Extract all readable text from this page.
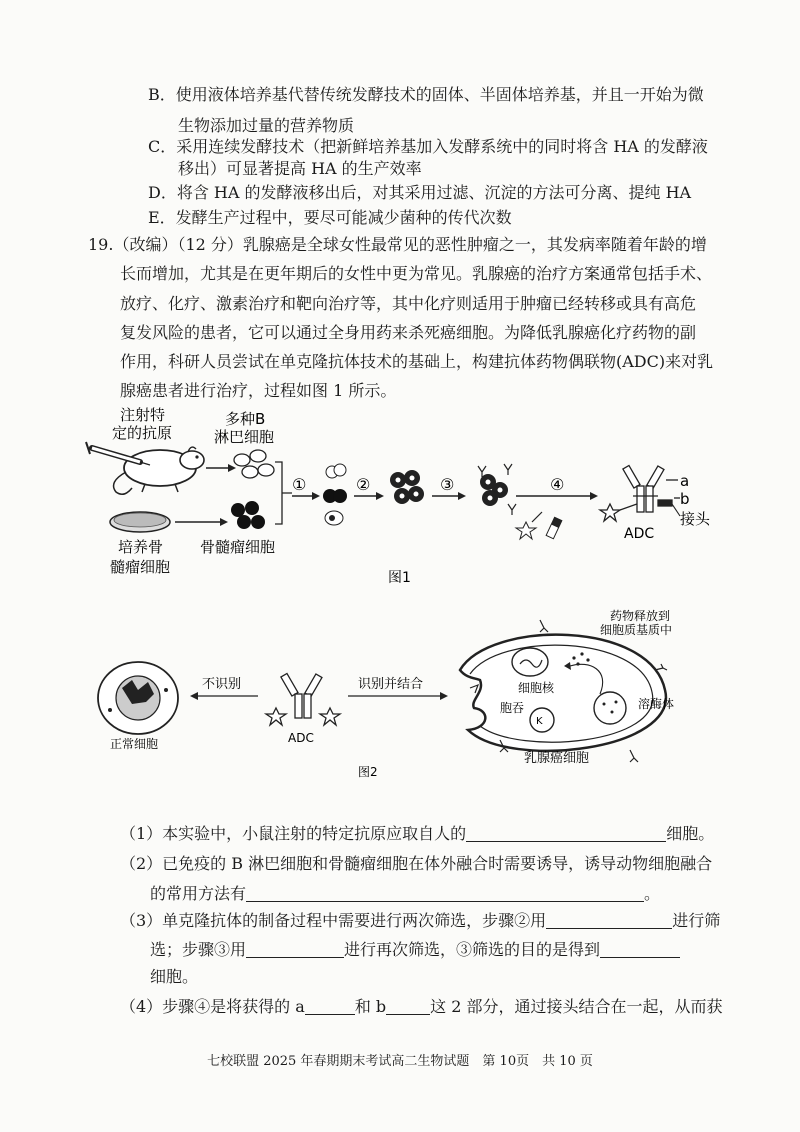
B．使用液体培养基代替传统发酵技术的固体、半固体培养基，并且一开始为微
生物添加过量的营养物质
C．采用连续发酵技术（把新鲜培养基加入发酵系统中的同时将含 HA 的发酵液
移出）可显著提高 HA 的生产效率
D．将含 HA 的发酵液移出后，对其采用过滤、沉淀的方法可分离、提纯 HA
E．发酵生产过程中，要尽可能减少菌种的传代次数
19.（改编）（12 分）乳腺癌是全球女性最常见的恶性肿瘤之一，其发病率随着年龄的增
长而增加，尤其是在更年期后的女性中更为常见。乳腺癌的治疗方案通常包括手术、
放疗、化疗、激素治疗和靶向治疗等，其中化疗则适用于肿瘤已经转移或具有高危
复发风险的患者，它可以通过全身用药来杀死癌细胞。为降低乳腺癌化疗药物的副
作用，科研人员尝试在单克隆抗体技术的基础上，构建抗体药物偶联物(ADC)来对乳
腺癌患者进行治疗，过程如图 1 所示。
注射特
定的抗原
多种B
淋巴细胞
培养骨
髓瘤细胞
骨髓瘤细胞
①	②	③	④	a
b
接头
ADC
图1
正常细胞
不识别
ADC
识别并结合
K
药物释放到
细胞质基质中
细胞核
胞吞	溶酶体
乳腺癌细胞
图2
（1）本实验中，小鼠注射的特定抗原应取自人的	细胞。
（2）已免疫的 B 淋巴细胞和骨髓瘤细胞在体外融合时需要诱导，诱导动物细胞融合
的常用方法有	。
（3）单克隆抗体的制备过程中需要进行两次筛选，步骤②用	进行筛
选；步骤③用	进行再次筛选，③筛选的目的是得到
细胞。
（4）步骤④是将获得的 a	和 b	这 2 部分，通过接头结合在一起，从而获
七校联盟 2025 年春期期末考试高二生物试题　第 10页　共 10 页
